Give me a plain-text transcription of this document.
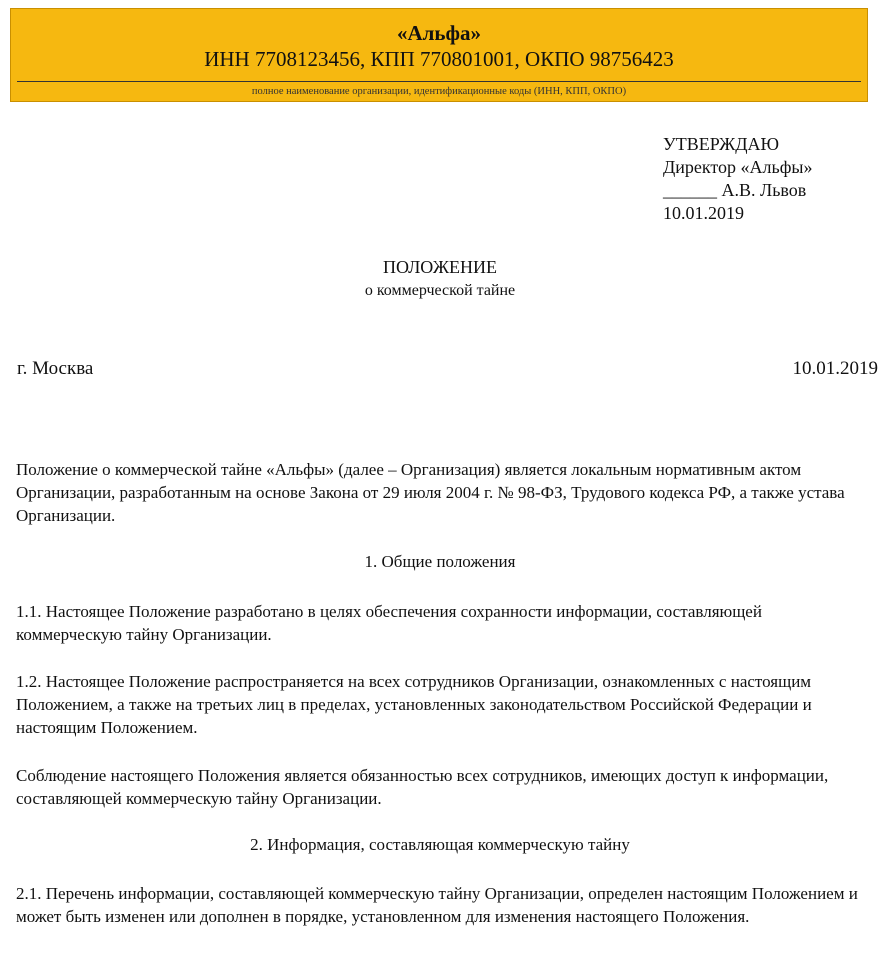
«Альфа»
ИНН 7708123456, КПП 770801001, ОКПО 98756423
полное наименование организации, идентификационные коды (ИНН, КПП, ОКПО)
УТВЕРЖДАЮ
Директор «Альфы»
______ А.В. Львов
10.01.2019
ПОЛОЖЕНИЕ
о коммерческой тайне
г. Москва	10.01.2019

Положение о коммерческой тайне «Альфы» (далее – Организация) является локальным нормативным актом Организации, разработанным на основе Закона от 29 июля 2004 г. № 98-ФЗ, Трудового кодекса РФ, а также устава Организации.

1. Общие положения

1.1. Настоящее Положение разработано в целях обеспечения сохранности информации, составляющей коммерческую тайну Организации.

1.2. Настоящее Положение распространяется на всех сотрудников Организации, ознакомленных с настоящим Положением, а также на третьих лиц в пределах, установленных законодательством Российской Федерации и настоящим Положением.

Соблюдение настоящего Положения является обязанностью всех сотрудников, имеющих доступ к информации, составляющей коммерческую тайну Организации.

2. Информация, составляющая коммерческую тайну

2.1. Перечень информации, составляющей коммерческую тайну Организации, определен настоящим Положением и может быть изменен или дополнен в порядке, установленном для изменения настоящего Положения.
